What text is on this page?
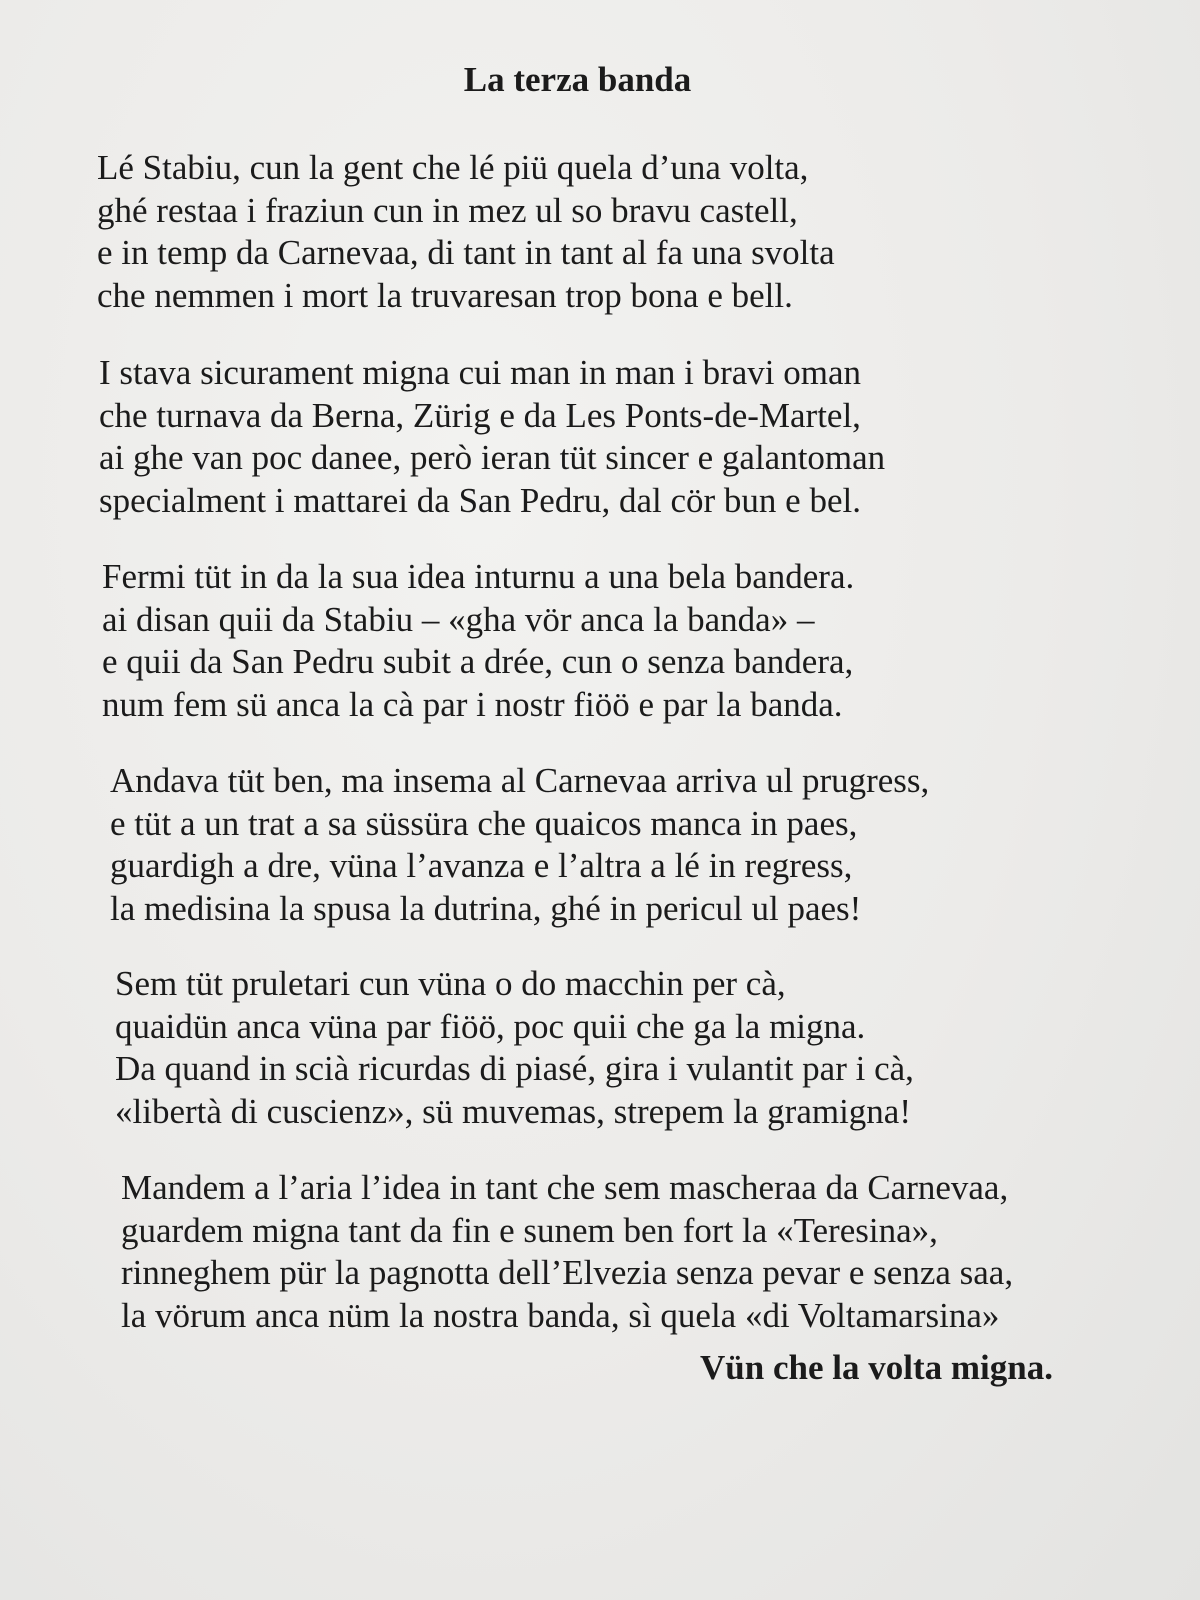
La terza banda
Lé Stabiu, cun la gent che lé piü quela d’una volta,
ghé restaa i fraziun cun in mez ul so bravu castell,
e in temp da Carnevaa, di tant in tant al fa una svolta
che nemmen i mort la truvaresan trop bona e bell.
I stava sicurament migna cui man in man i bravi oman
che turnava da Berna, Zürig e da Les Ponts-de-Martel,
ai ghe van poc danee, però ieran tüt sincer e galantoman
specialment i mattarei da San Pedru, dal cör bun e bel.
Fermi tüt in da la sua idea inturnu a una bela bandera.
ai disan quii da Stabiu – «gha vör anca la banda» –
e quii da San Pedru subit a drée, cun o senza bandera,
num fem sü anca la cà par i nostr fiöö e par la banda.
Andava tüt ben, ma insema al Carnevaa arriva ul prugress,
e tüt a un trat a sa süssüra che quaicos manca in paes,
guardigh a dre, vüna l’avanza e l’altra a lé in regress,
la medisina la spusa la dutrina, ghé in pericul ul paes!
Sem tüt pruletari cun vüna o do macchin per cà,
quaidün anca vüna par fiöö, poc quii che ga la migna.
Da quand in scià ricurdas di piasé, gira i vulantit par i cà,
«libertà di cuscienz», sü muvemas, strepem la gramigna!
Mandem a l’aria l’idea in tant che sem mascheraa da Carnevaa,
guardem migna tant da fin e sunem ben fort la «Teresina»,
rinneghem pür la pagnotta dell’Elvezia senza pevar e senza saa,
la vörum anca nüm la nostra banda, sì quela «di Voltamarsina»

Vün che la volta migna.
